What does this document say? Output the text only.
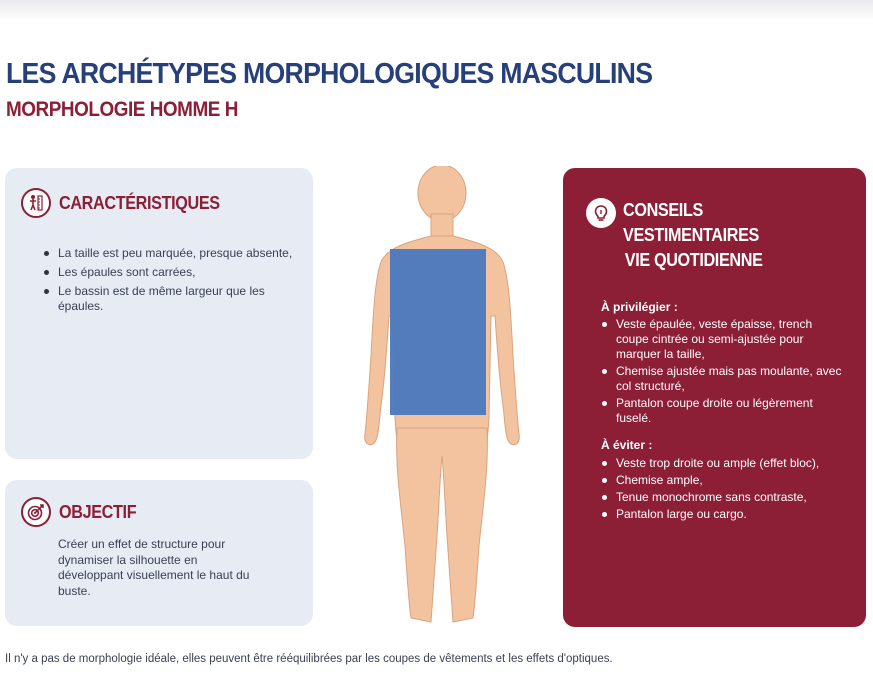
LES ARCHÉTYPES MORPHOLOGIQUES MASCULINS
MORPHOLOGIE HOMME H
CARACTÉRISTIQUES
La taille est peu marquée, presque absente,
Les épaules sont carrées,
Le bassin est de même largeur que les épaules.
OBJECTIF

Créer un effet de structure pour dynamiser la silhouette en développant visuellement le haut du buste.

CONSEILS
VESTIMENTAIRES
VIE QUOTIDIENNE
À privilégier :
Veste épaulée, veste épaisse, trench coupe cintrée ou semi-ajustée pour marquer la taille,
Chemise ajustée mais pas moulante, avec col structuré,
Pantalon coupe droite ou légèrement fuselé.
À éviter :
Veste trop droite ou ample (effet bloc),
Chemise ample,
Tenue monochrome sans contraste,
Pantalon large ou cargo.

Il n'y a pas de morphologie idéale, elles peuvent être rééquilibrées par les coupes de vêtements et les effets d'optiques.
